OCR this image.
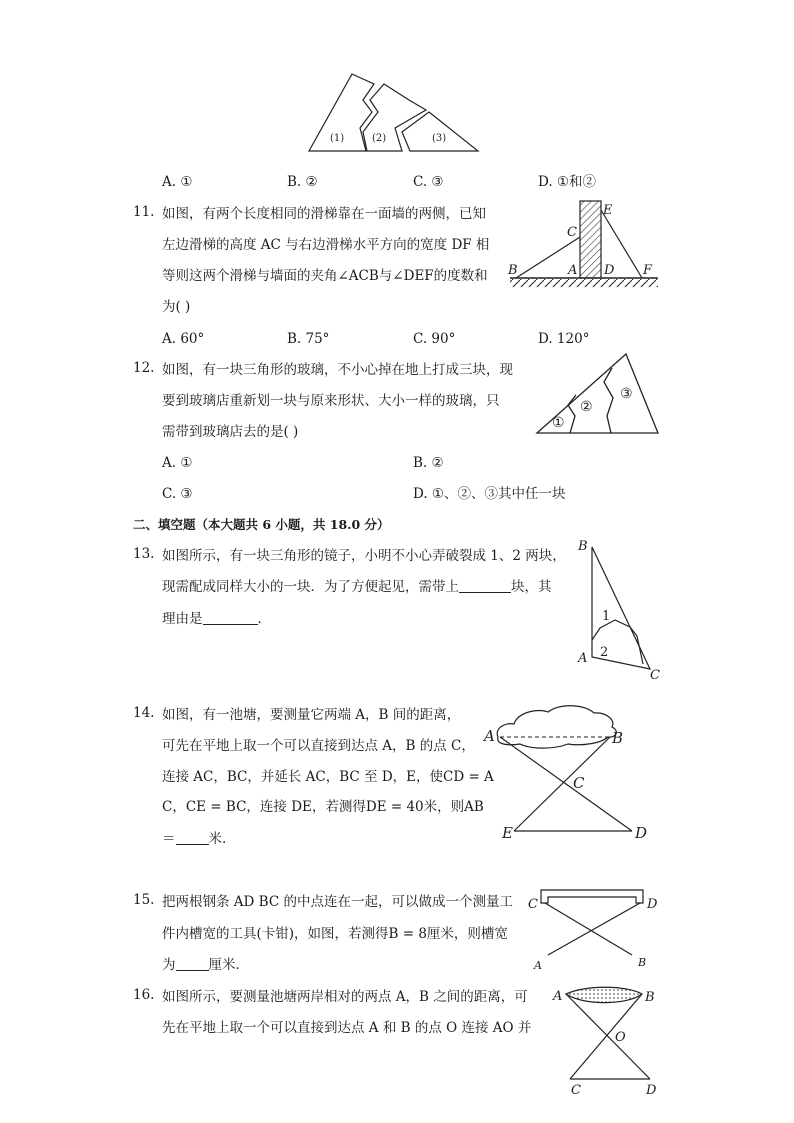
(1)	(2)	(3)
A. ①	B. ②	C. ③	D. ①和②
11. 如图，有两个长度相同的滑梯靠在一面墙的两侧，已知
左边滑梯的高度 AC 与右边滑梯水平方向的宽度 DF 相
等则这两个滑梯与墙面的夹角∠ACB与∠DEF的度数和
为( )
B	A
C
D
E
F
A. 60°	B. 75°	C. 90°	D. 120°
12. 如图，有一块三角形的玻璃，不小心掉在地上打成三块，现
要到玻璃店重新划一块与原来形状、大小一样的玻璃，只
需带到玻璃店去的是( )
①
②
③
A. ①	B. ②
C. ③	D. ①、②、③其中任一块
二、填空题（本大题共 6 小题，共 18.0 分）
13. 如图所示，有一块三角形的镜子，小明不小心弄破裂成 1、2 两块，
现需配成同样大小的一块．为了方便起见，需带上	块，其
理由是	．
B
1
A 2
C
14. 如图，有一池塘，要测量它两端 A，B 间的距离，
可先在平地上取一个可以直接到达点 A，B 的点 C，
连接 AC，BC，并延长 AC，BC 至 D，E，使CD = A
C，CE = BC，连接 DE，若测得DE = 40米，则AB
＝ 米.
A	B
C
E	D
15. 把两根钢条 AD BC 的中点连在一起，可以做成一个测量工
件内槽宽的工具(卡钳)，如图，若测得B = 8厘米，则槽宽
为 厘米．
C	D
A	B
16. 如图所示，要测量池塘两岸相对的两点 A，B 之间的距离，可
先在平地上取一个可以直接到达点 A 和 B 的点 O 连接 AO 并
A	B
O
C	D
